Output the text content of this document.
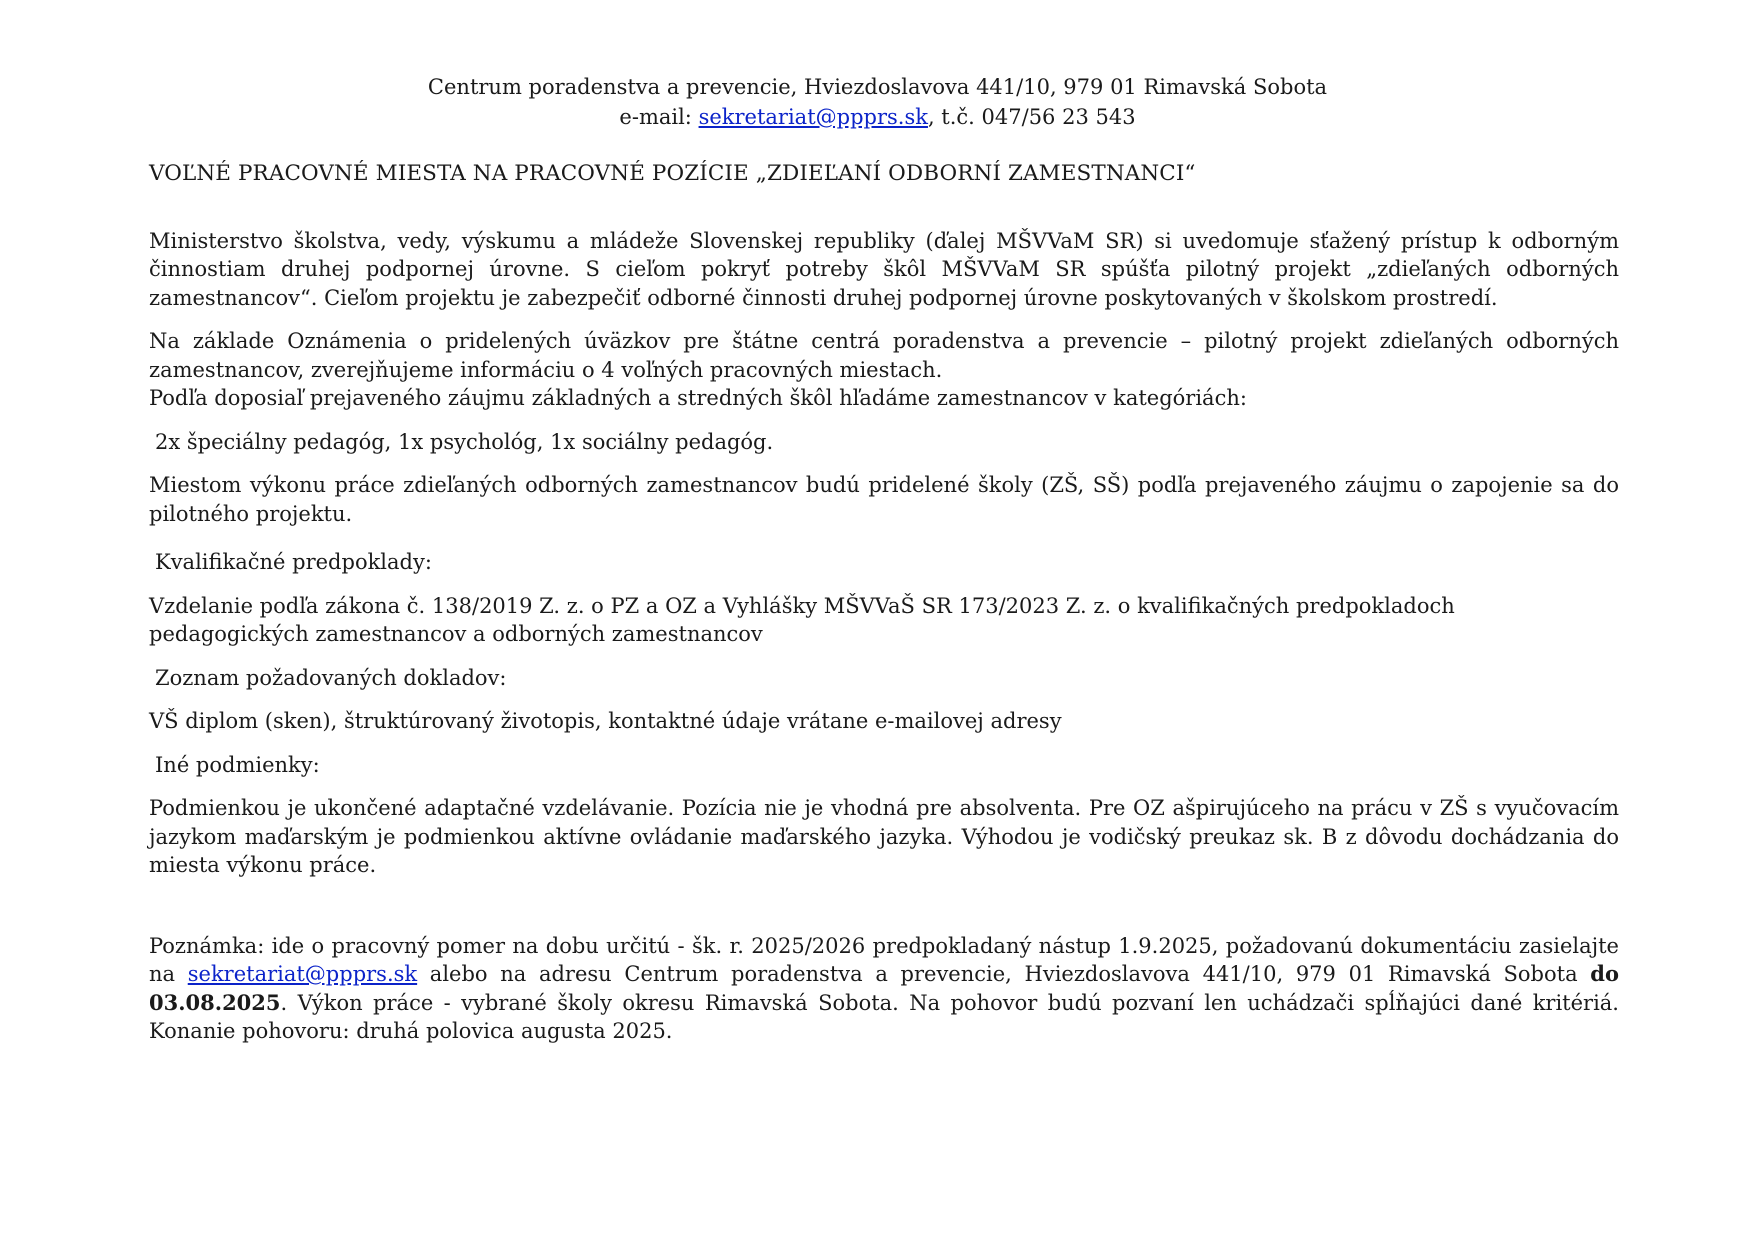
Centrum poradenstva a prevencie, Hviezdoslavova 441/10, 979 01 Rimavská Sobota
e-mail: sekretariat@ppprs.sk, t.č. 047/56 23 543
VOĽNÉ PRACOVNÉ MIESTA NA PRACOVNÉ POZÍCIE „ZDIEĽANÍ ODBORNÍ ZAMESTNANCI“

Ministerstvo školstva, vedy, výskumu a mládeže Slovenskej republiky (ďalej MŠVVaM SR) si uvedomuje sťažený prístup k odborným činnostiam druhej podpornej úrovne. S cieľom pokryť potreby škôl MŠVVaM SR spúšťa pilotný projekt „zdieľaných odborných zamestnancov“. Cieľom projektu je zabezpečiť odborné činnosti druhej podpornej úrovne poskytovaných v školskom prostredí.

Na základe Oznámenia o pridelených úväzkov pre štátne centrá poradenstva a prevencie – pilotný projekt zdieľaných odborných zamestnancov, zverejňujeme informáciu o 4 voľných pracovných miestach.

Podľa doposiaľ prejaveného záujmu základných a stredných škôl hľadáme zamestnancov v kategóriách:

2x špeciálny pedagóg, 1x psychológ, 1x sociálny pedagóg.

Miestom výkonu práce zdieľaných odborných zamestnancov budú pridelené školy (ZŠ, SŠ) podľa prejaveného záujmu o zapojenie sa do pilotného projektu.

Kvalifikačné predpoklady:

Vzdelanie podľa zákona č. 138/2019 Z. z. o PZ a OZ a Vyhlášky MŠVVaŠ SR 173/2023 Z. z. o kvalifikačných predpokladoch pedagogických zamestnancov a odborných zamestnancov

Zoznam požadovaných dokladov:

VŠ diplom (sken), štruktúrovaný životopis, kontaktné údaje vrátane e-mailovej adresy

Iné podmienky:

Podmienkou je ukončené adaptačné vzdelávanie. Pozícia nie je vhodná pre absolventa. Pre OZ ašpirujúceho na prácu v ZŠ s vyučovacím jazykom maďarským je podmienkou aktívne ovládanie maďarského jazyka. Výhodou je vodičský preukaz sk. B z dôvodu dochádzania do miesta výkonu práce.

Poznámka: ide o pracovný pomer na dobu určitú - šk. r. 2025/2026 predpokladaný nástup 1.9.2025, požadovanú dokumentáciu zasielajte na sekretariat@ppprs.sk alebo na adresu Centrum poradenstva a prevencie, Hviezdoslavova 441/10, 979 01 Rimavská Sobota do 03.08.2025. Výkon práce - vybrané školy okresu Rimavská Sobota. Na pohovor budú pozvaní len uchádzači spĺňajúci dané kritériá. Konanie pohovoru: druhá polovica augusta 2025.
